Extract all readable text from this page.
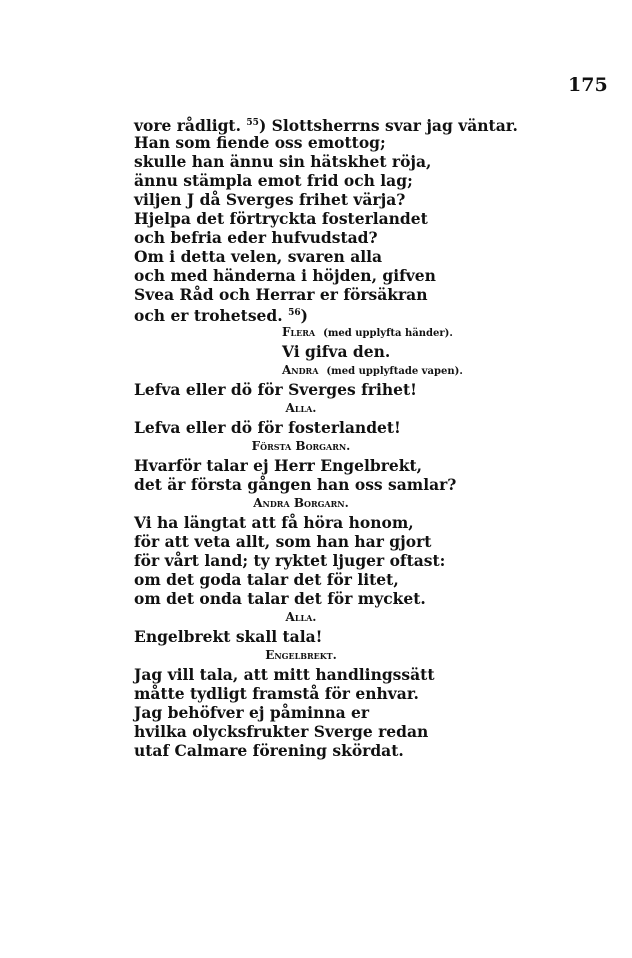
175
vore rådligt. $^{55}$) Slottsherrns svar jag väntar.
Han som fiende oss emottog;
skulle han ännu sin hätskhet röja,
ännu stämpla emot frid och lag;
viljen J då Sverges frihet värja?
Hjelpa det förtryckta fosterlandet
och befria eder hufvudstad?
Om i detta velen, svaren alla
och med händerna i höjden, gifven
Svea Råd och Herrar er försäkran
och er trohetsed. $^{56}$)
Flera (med upplyfta händer).
Vi gifva den.
Andra (med upplyftade vapen).
Lefva eller dö för Sverges frihet!
Alla.
Lefva eller dö för fosterlandet!
Första Borgarn.
Hvarför talar ej Herr Engelbrekt,
det är första gången han oss samlar?
Andra Borgarn.
Vi ha längtat att få höra honom,
för att veta allt, som han har gjort
för vårt land; ty ryktet ljuger oftast:
om det goda talar det för litet,
om det onda talar det för mycket.
Alla.
Engelbrekt skall tala!
Engelbrekt.
Jag vill tala, att mitt handlingssätt
måtte tydligt framstå för enhvar.
Jag behöfver ej påminna er
hvilka olycksfrukter Sverge redan
utaf Calmare förening skördat.
